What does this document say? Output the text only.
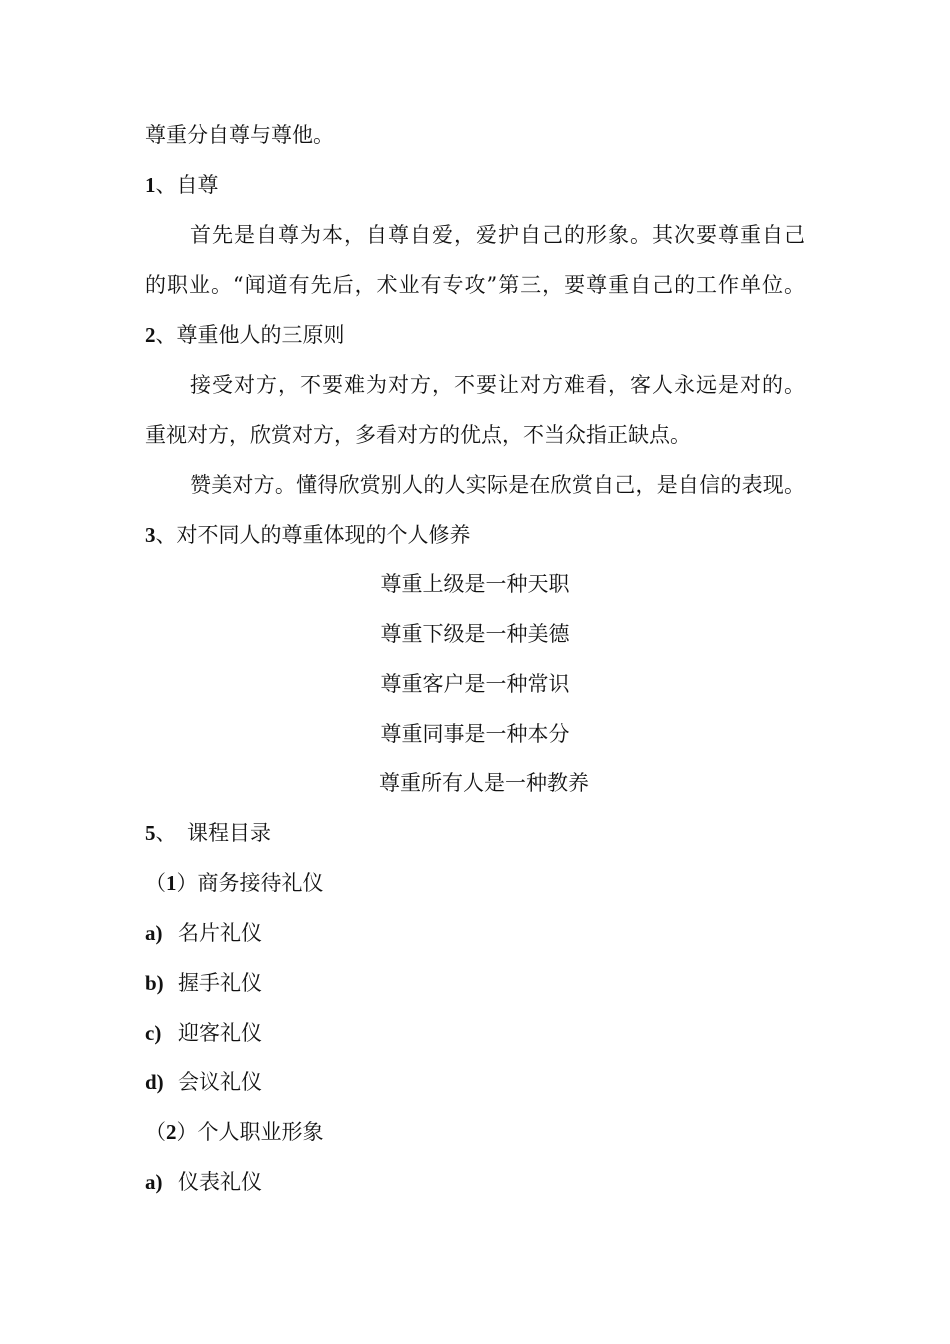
尊重分自尊与尊他。
1、自尊
首先是自尊为本，自尊自爱，爱护自己的形象。其次要尊重自己
的职业。“闻道有先后，术业有专攻”第三，要尊重自己的工作单位。
2、尊重他人的三原则
接受对方，不要难为对方，不要让对方难看，客人永远是对的。
重视对方，欣赏对方，多看对方的优点，不当众指正缺点。
赞美对方。懂得欣赏别人的人实际是在欣赏自己，是自信的表现。
3、对不同人的尊重体现的个人修养
尊重上级是一种天职
尊重下级是一种美德
尊重客户是一种常识
尊重同事是一种本分
尊重所有人是一种教养
5、　课程目录
（1）商务接待礼仪
a) 名片礼仪
b) 握手礼仪
c) 迎客礼仪
d) 会议礼仪
（2）个人职业形象
a) 仪表礼仪
